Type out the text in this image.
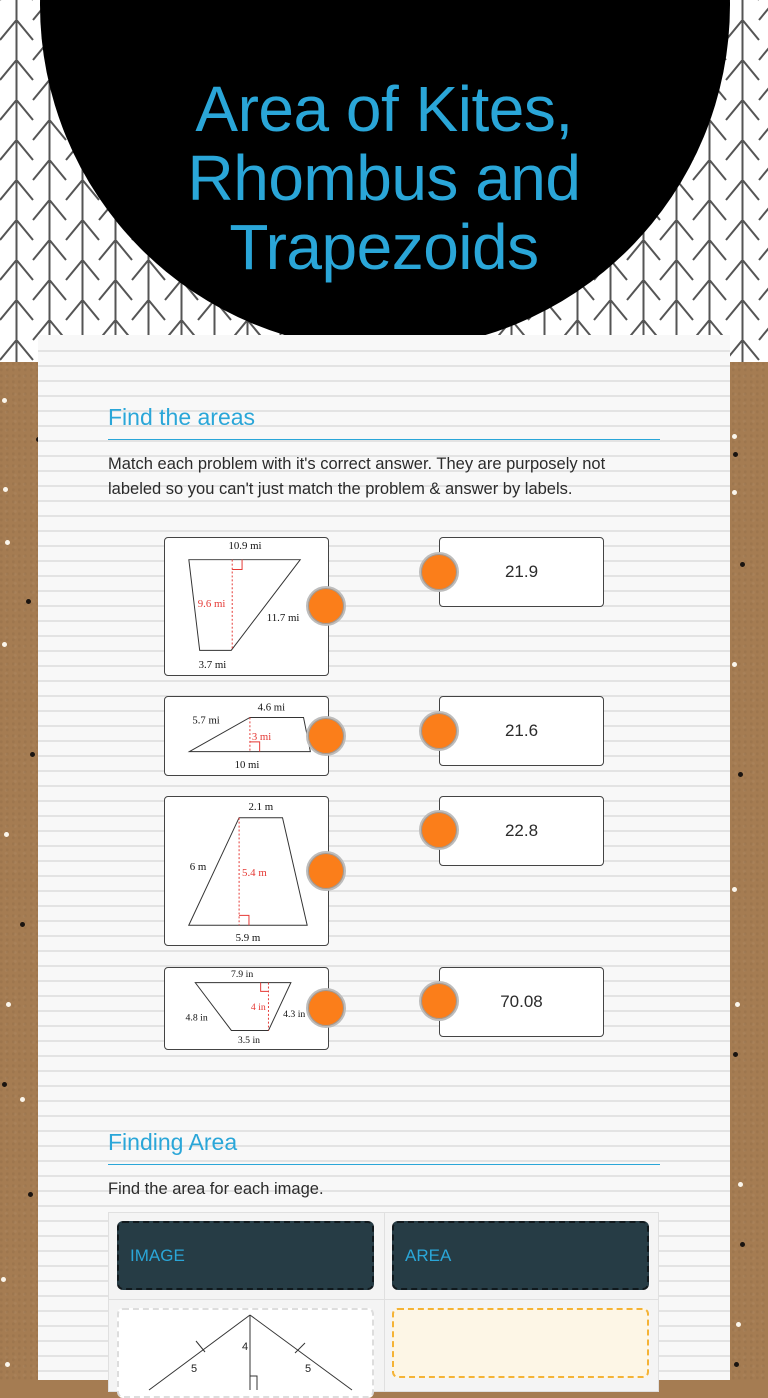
Area of Kites,
Rhombus and
Trapezoids
Find the areas

Match each problem with it's correct answer. They are purposely not labeled so you can't just match the problem & answer by labels.

10.9 mi
9.6 mi
11.7 mi
3.7 mi
4.6 mi
5.7 mi
3 mi
10 mi
2.1 m
6 m	5.4 m
5.9 m
7.9 in
4.8 in
4 in
4.3 in
3.5 in
21.9
21.6
22.8
70.08
Finding Area

Find the area for each image.

IMAGE	AREA
4
5	5
